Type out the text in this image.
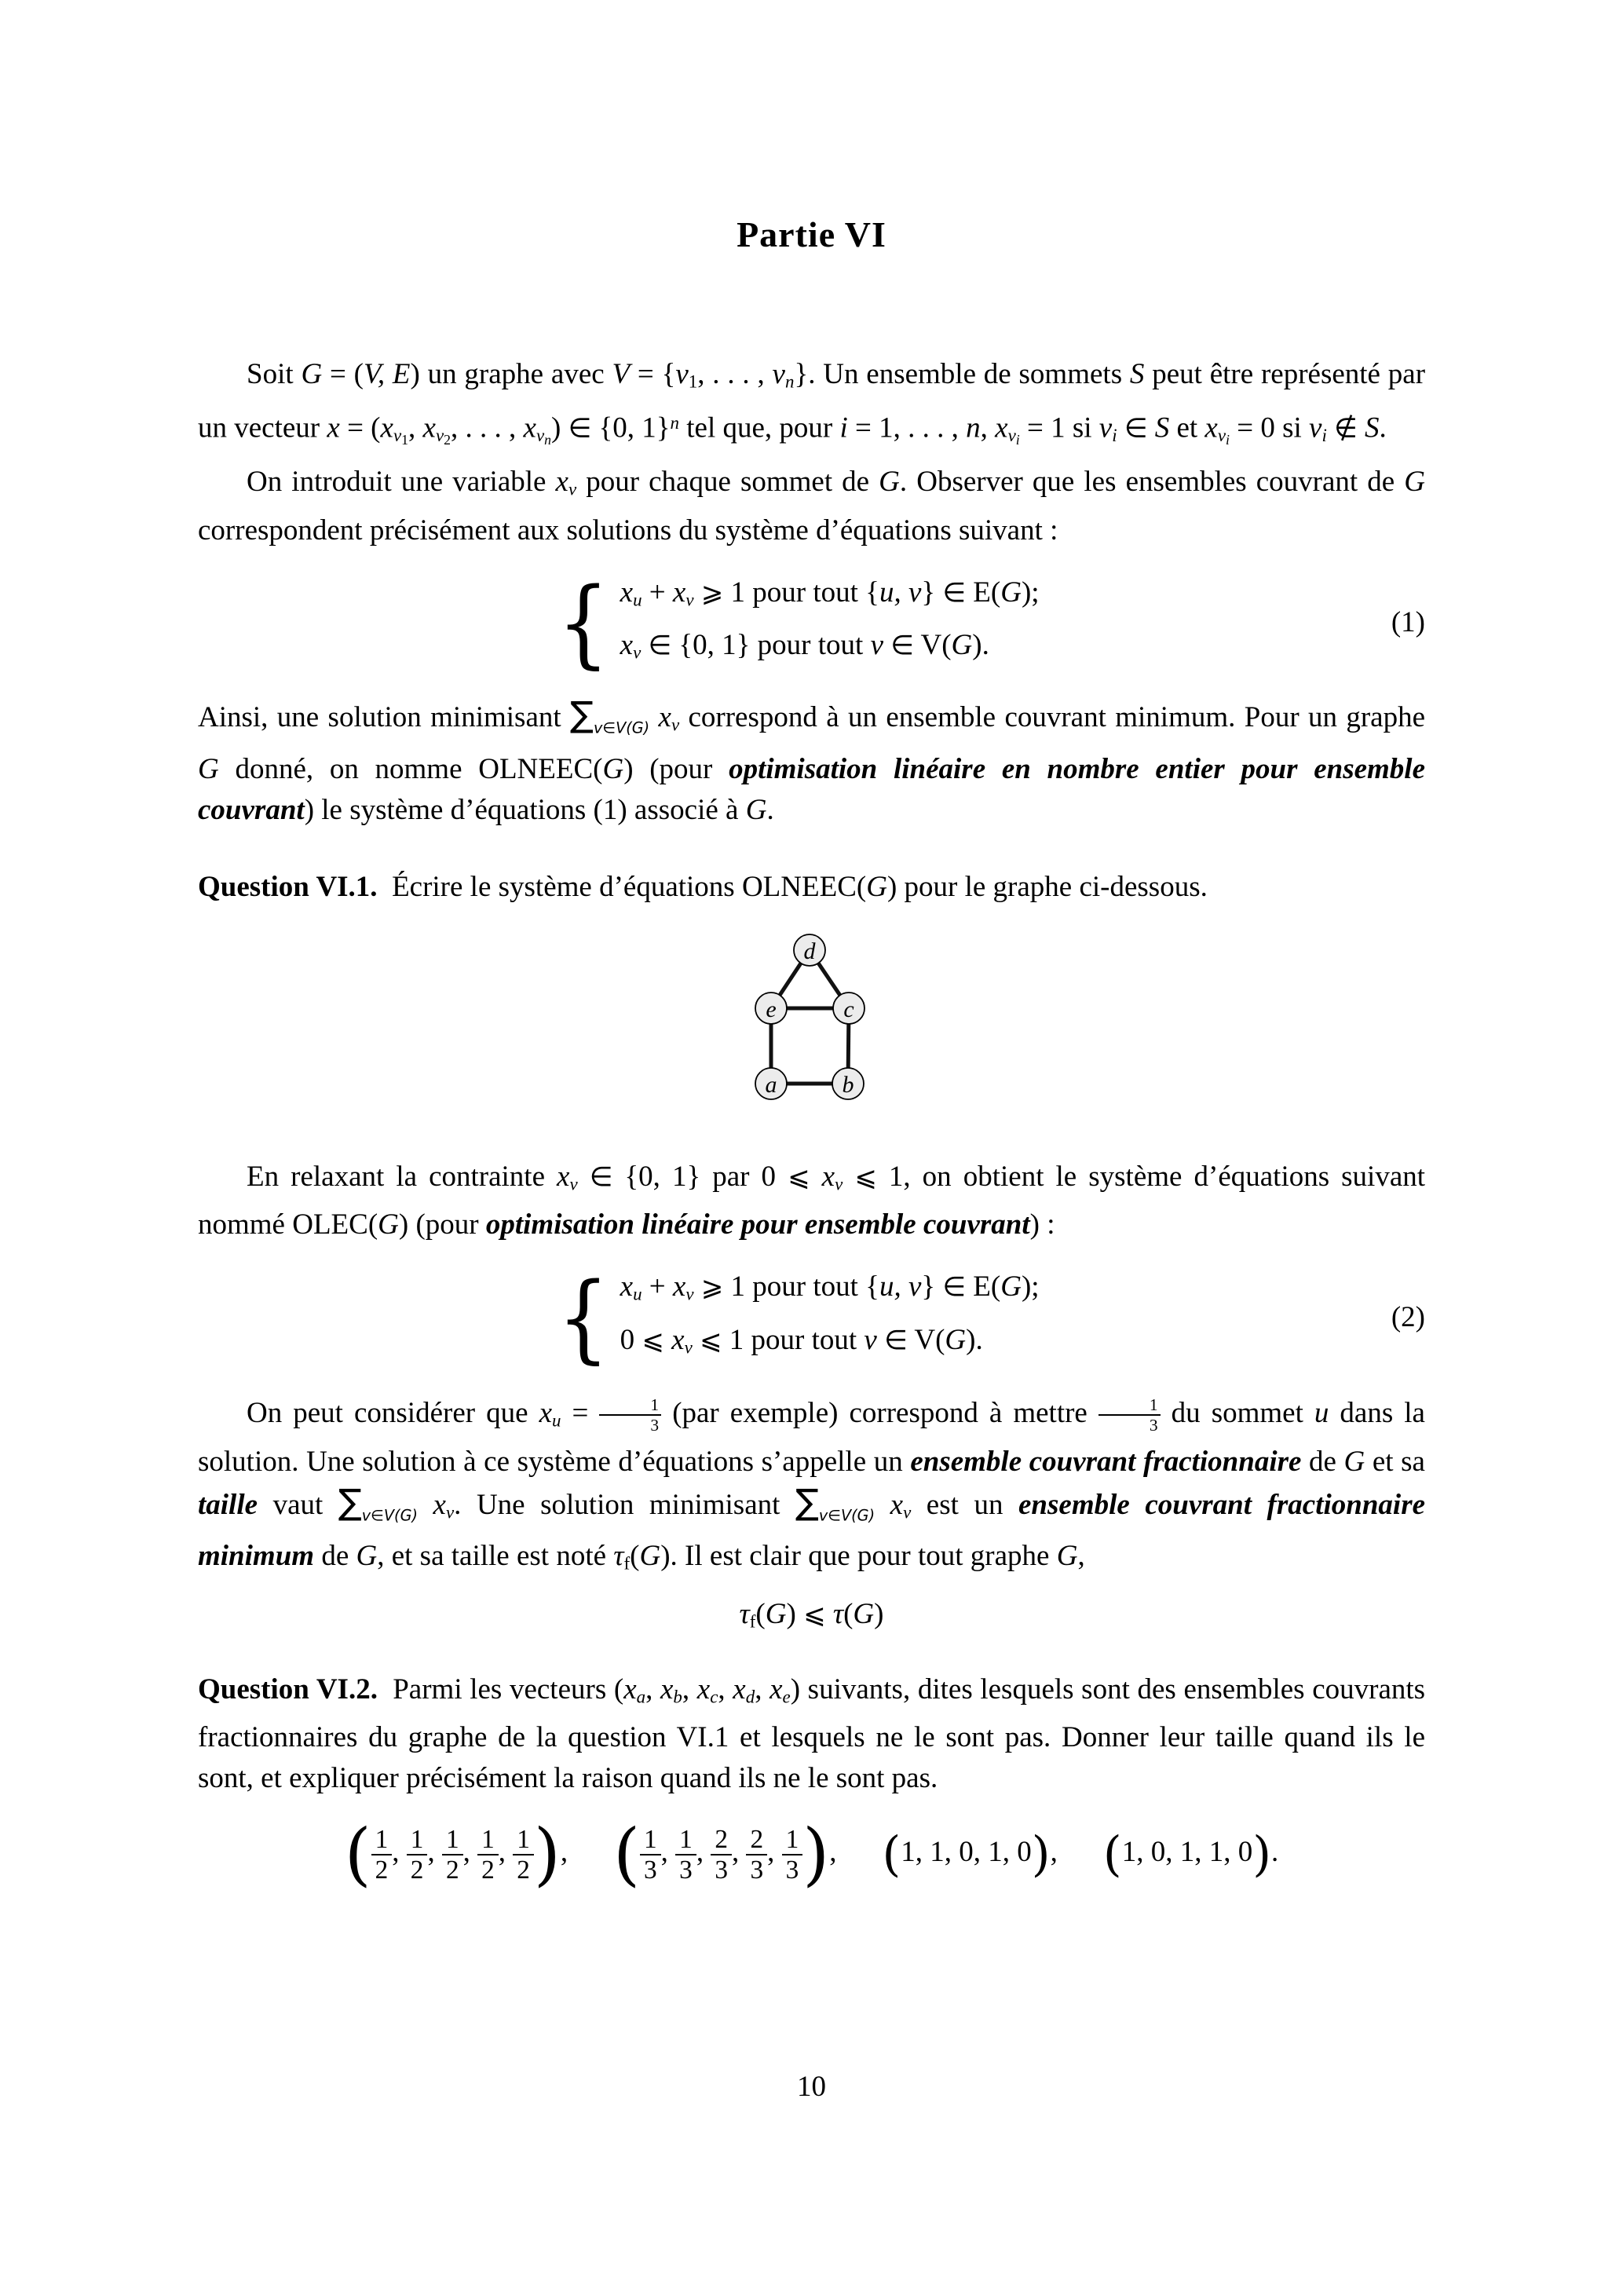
Partie VI

Soit G = (V, E) un graphe avec V = {v1, . . . , vn}. Un ensemble de sommets S peut être représenté par un vecteur $x = (xv_1$, $xv_2$, . . . , $xv_n$) ∈ {0, 1}$^n$ tel que, pour i = 1, . . . , n, $xv_i = 1$ si vi ∈ S et $xv_i = 0$ si vi ∉ S.

On introduit une variable xv pour chaque sommet de G. Observer que les ensembles couvrant de G correspondent précisément aux solutions du système d’équations suivant :

{ xu + xv ⩾ 1 pour tout {u, v} ∈ E(G);
xv ∈ {0, 1} pour tout v ∈ V(G).
(1)

Ainsi, une solution minimisant $\sum_{v\in V(G)}$ xv correspond à un ensemble couvrant minimum. Pour un graphe G donné, on nomme OLNEEC(G) (pour optimisation linéaire en nombre entier pour ensemble couvrant) le système d’équations (1) associé à G.

Question VI.1.  Écrire le système d’équations OLNEEC(G) pour le graphe ci-dessous.

d
e	c
a	b

En relaxant la contrainte xv ∈ {0, 1} par 0 ⩽ xv ⩽ 1, on obtient le système d’équations suivant nommé OLEC(G) (pour optimisation linéaire pour ensemble couvrant) :

{ xu + xv ⩾ 1 pour tout {u, v} ∈ E(G);
0 ⩽ xv ⩽ 1 pour tout v ∈ V(G).
(2)

On peut considérer que xu = $\frac{1}{3} (par$ exemple) correspond à mettre $\frac{1}{3}$ du sommet u dans la solution. Une solution à ce système d’équations s’appelle un ensemble couvrant fractionnaire de G et sa taille vaut $\sum_{v\in V(G)}$ xv. Une solution minimisant $\sum_{v\in V(G)}$ xv est un ensemble couvrant fractionnaire minimum de G, et sa taille est noté τf(G). Il est clair que pour tout graphe G,

τf(G) ⩽ τ(G)

Question VI.2.  Parmi les vecteurs (xa, xb, xc, xd, xe) suivants, dites lesquels sont des ensembles couvrants fractionnaires du graphe de la question VI.1 et lesquels ne le sont pas. Donner leur taille quand ils le sont, et expliquer précisément la raison quand ils ne le sont pas.

( $\frac{1}{2}$ , $\frac{1}{2}$ , $\frac{1}{2}$ , $\frac{1}{2}$ , $\frac{1}{2}$ ), ( $\frac{1}{3}$ , $\frac{1}{3}$ , $\frac{2}{3}$ , $\frac{2}{3}$ , $\frac{1}{3}$ ), (1, 1, 0, 1, 0), (1, 0, 1, 1, 0).
10
